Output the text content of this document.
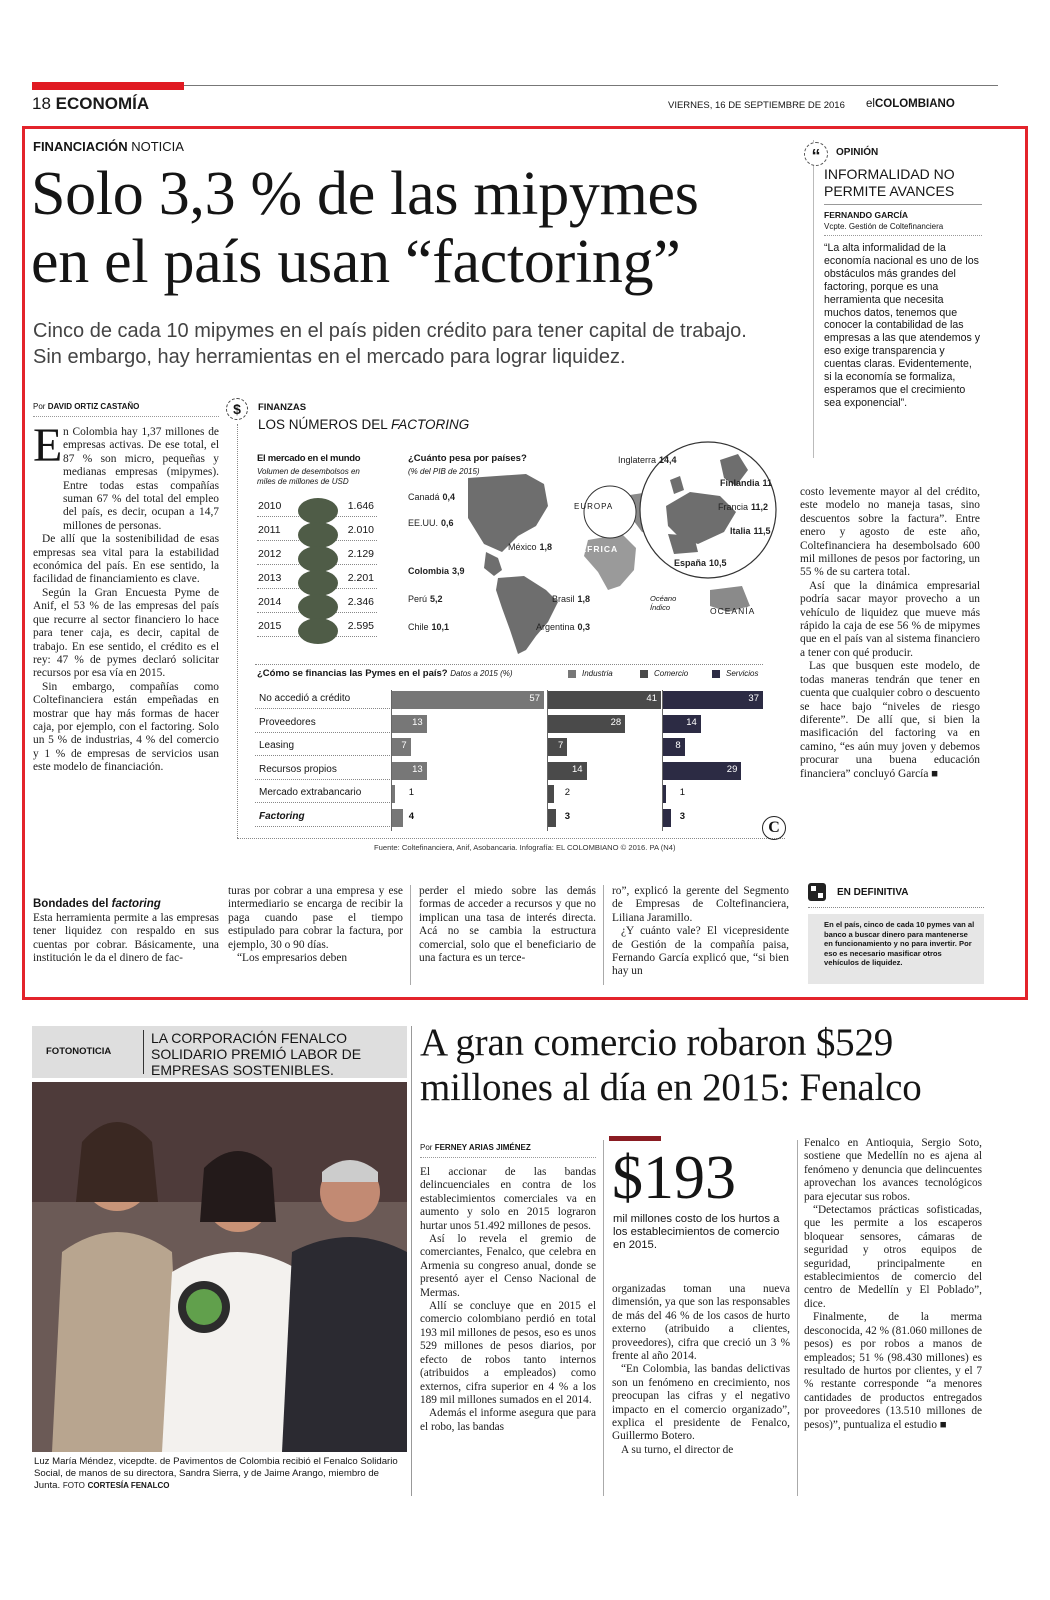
18 ECONOMÍA	VIERNES, 16 DE SEPTIEMBRE DE 2016 elCOLOMBIANO
FINANCIACIÓN NOTICIA
Solo 3,3 % de las mipymes
en el país usan “factoring”
Cinco de cada 10 mipymes en el país piden crédito para tener capital de trabajo. Sin embargo, hay herramientas en el mercado para lograr liquidez.
Por DAVID ORTIZ CASTAÑO
E n Colombia hay 1,37 millones de empresas activas. De ese total, el 87 % son micro, pequeñas y medianas empresas (mipymes). Entre todas estas compañías suman 67 % del total del empleo del país, es decir, ocupan a 14,7 millones de personas.

De allí que la sostenibilidad de esas empresas sea vital para la estabilidad económica del país. En ese sentido, la facilidad de financiamiento es clave.

Según la Gran Encuesta Pyme de Anif, el 53 % de las empresas del país que recurre al sector financiero lo hace para tener caja, es decir, capital de trabajo. En ese sentido, el crédito es el rey: 47 % de pymes declaró solicitar recursos por esa vía en 2015.

Sin embargo, compañías como Coltefinanciera están empeñadas en mostrar que hay más formas de hacer caja, por ejemplo, con el factoring. Solo un 5 % de industrias, 4 % del comercio y 1 % de empresas de servicios usan este modelo de financiación.

Bondades del factoring

Esta herramienta permite a las empresas tener liquidez con respaldo en sus cuentas por cobrar. Básicamente, una institución le da el dinero de fac-

turas por cobrar a una empresa y ese intermediario se encarga de recibir la paga cuando pase el tiempo estipulado para cobrar la factura, por ejemplo, 30 o 90 días.

“Los empresarios deben

perder el miedo sobre las demás formas de acceder a recursos y que no implican una tasa de interés directa. Acá no se cambia la estructura comercial, solo que el beneficiario de una factura es un terce-

ro”, explicó la gerente del Segmento de Empresas de Coltefinanciera, Liliana Jaramillo.

¿Y cuánto vale? El vicepresidente de Gestión de la compañía paisa, Fernando García explicó que, “si bien hay un

costo levemente mayor al del crédito, este modelo no maneja tasas, sino descuentos sobre la factura”. Entre enero y agosto de este año, Coltefinanciera ha desembolsado 600 mil millones de pesos por factoring, un 55 % de su cartera total.

Así que la dinámica empresarial podría sacar mayor provecho a un vehículo de liquidez que mueve más rápido la caja de ese 56 % de mipymes que en el país van al sistema financiero a tener con qué producir.

Las que busquen este modelo, de todas maneras tendrán que tener en cuenta que cualquier cobro o descuento se hace bajo “niveles de riesgo diferente”. De allí que, si bien la masificación del factoring va en camino, “es aún muy joven y debemos procurar una buena educación financiera” concluyó García ■

“	OPINIÓN
INFORMALIDAD NO PERMITE AVANCES
FERNANDO GARCÍA
Vcpte. Gestión de Coltefinanciera
“La alta informalidad de la economía nacional es uno de los obstáculos más grandes del factoring, porque es una herramienta que necesita muchos datos, tenemos que conocer la contabilidad de las empresas a las que atendemos y eso exige transparencia y cuentas claras. Evidentemente, si la economía se formaliza, esperamos que el crecimiento sea exponencial”.
EN DEFINITIVA
En el país, cinco de cada 10 pymes van al banco a buscar dinero para mantenerse en funcionamiento y no para invertir. Por eso es necesario masificar otros vehículos de liquidez.
$	FINANZAS
LOS NÚMEROS DEL FACTORING
El mercado en el mundo
Volumen de desembolsos en miles de millones de USD
2010	1.646
2011	2.010
2012	2.129
2013	2.201
2014	2.346
2015	2.595
¿Cuánto pesa por países?
(% del PIB de 2015)
Canadá 0,4
EE.UU. 0,6
México 1,8
Colombia 3,9
Perú 5,2	Brasil 1,8
Chile 10,1	Argentina 0,3
Inglaterra 14,4
Finlandia 11
Francia 11,2
Italia 11,5
España 10,5
EUROPA
ÁFRICA
Océano Índico	OCEANÍA
¿Cómo se financias las Pymes en el país? Datos a 2015 (%)	Industria	Comercio	Servicios
No accedió a crédito	57	41	37
Proveedores	13	28	14
Leasing	7	7	8
Recursos propios	13	14	29
Mercado extrabancario	1	2	1
Factoring	4	3	3
Fuente: Coltefinanciera, Anif, Asobancaria. Infografía: EL COLOMBIANO © 2016. PA (N4)
C
FOTONOTICIA
LA CORPORACIÓN FENALCO SOLIDARIO PREMIÓ LABOR DE EMPRESAS SOSTENIBLES.
Luz María Méndez, vicepdte. de Pavimentos de Colombia recibió el Fenalco Solidario Social, de manos de su directora, Sandra Sierra, y de Jaime Arango, miembro de Junta. FOTO CORTESÍA FENALCO
A gran comercio robaron $529
millones al día en 2015: Fenalco
Por FERNEY ARIAS JIMÉNEZ

El accionar de las bandas delincuenciales en contra de los establecimientos comerciales va en aumento y solo en 2015 lograron hurtar unos 51.492 millones de pesos.

Así lo revela el gremio de comerciantes, Fenalco, que celebra en Armenia su congreso anual, donde se presentó ayer el Censo Nacional de Mermas.

Allí se concluye que en 2015 el comercio colombiano perdió en total 193 mil millones de pesos, eso es unos 529 millones de pesos diarios, por efecto de robos tanto internos (atribuidos a empleados) como externos, cifra superior en 4 % a los 189 mil millones sumados en el 2014.

Además el informe asegura que para el robo, las bandas

$193
mil millones costo de los hurtos a los establecimientos de comercio en 2015.

organizadas toman una nueva dimensión, ya que son las responsables de más del 46 % de los casos de hurto externo (atribuido a clientes, proveedores), cifra que creció un 3 % frente al año 2014.

“En Colombia, las bandas delictivas son un fenómeno en crecimiento, nos preocupan las cifras y el negativo impacto en el comercio organizado”, explica el presidente de Fenalco, Guillermo Botero.

A su turno, el director de

Fenalco en Antioquia, Sergio Soto, sostiene que Medellín no es ajena al fenómeno y denuncia que delincuentes aprovechan los avances tecnológicos para ejecutar sus robos.

“Detectamos prácticas sofisticadas, que les permite a los escaperos bloquear sensores, cámaras de seguridad y otros equipos de seguridad, principalmente en establecimientos de comercio del centro de Medellín y El Poblado”, dice.

Finalmente, de la merma desconocida, 42 % (81.060 millones de pesos) es por robos a manos de empleados; 51 % (98.430 millones) es resultado de hurtos por clientes, y el 7 % restante corresponde “a menores cantidades de productos entregados por proveedores (13.510 millones de pesos)”, puntualiza el estudio ■
